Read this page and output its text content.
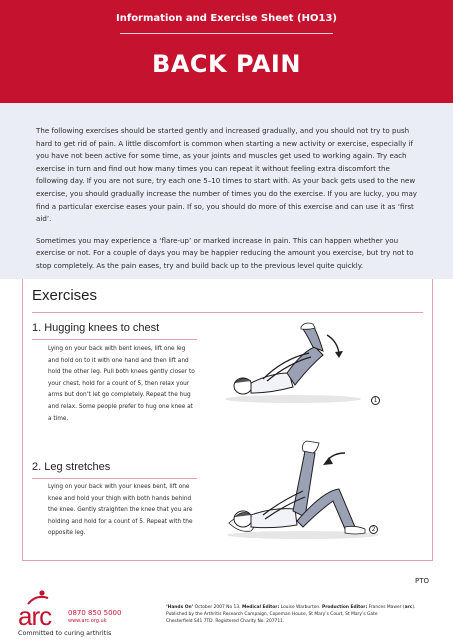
Information and Exercise Sheet (HO13)
BACK PAIN

The following exercises should be started gently and increased gradually, and you should not try to push hard to get rid of pain. A little discomfort is common when starting a new activity or exercise, especially if you have not been active for some time, as your joints and muscles get used to working again. Try each exercise in turn and find out how many times you can repeat it without feeling extra discomfort the following day. If you are not sure, try each one 5–10 times to start with. As your back gets used to the new exercise, you should gradually increase the number of times you do the exercise. If you are lucky, you may find a particular exercise eases your pain. If so, you should do more of this exercise and can use it as ‘first aid’.

Sometimes you may experience a ‘flare-up’ or marked increase in pain. This can happen whether you exercise or not. For a couple of days you may be happier reducing the amount you exercise, but try not to stop completely. As the pain eases, try and build back up to the previous level quite quickly.

Exercises
1. Hugging knees to chest
Lying on your back with bent knees, lift one leg and hold on to it with one hand and then lift and hold the other leg. Pull both knees gently closer to your chest, hold for a count of 5, then relax your arms but don’t let go completely. Repeat the hug and relax. Some people prefer to hug one knee at a time.
1
2. Leg stretches
Lying on your back with your knees bent, lift one knee and hold your thigh with both hands behind the knee. Gently straighten the knee that you are holding and hold for a count of 5. Repeat with the opposite leg.
2
PTO
arc 0870 850 5000
www.arc.org.uk
Committed to curing arthritis
‘Hands On’ October 2007 No 13. Medical Editor: Louise Warburton. Production Editor: Frances Mawer (arc).
Published by the Arthritis Research Campaign, Copeman House, St Mary’s Court, St Mary’s Gate
Chesterfield S41 7TD. Registered Charity No. 207711.
